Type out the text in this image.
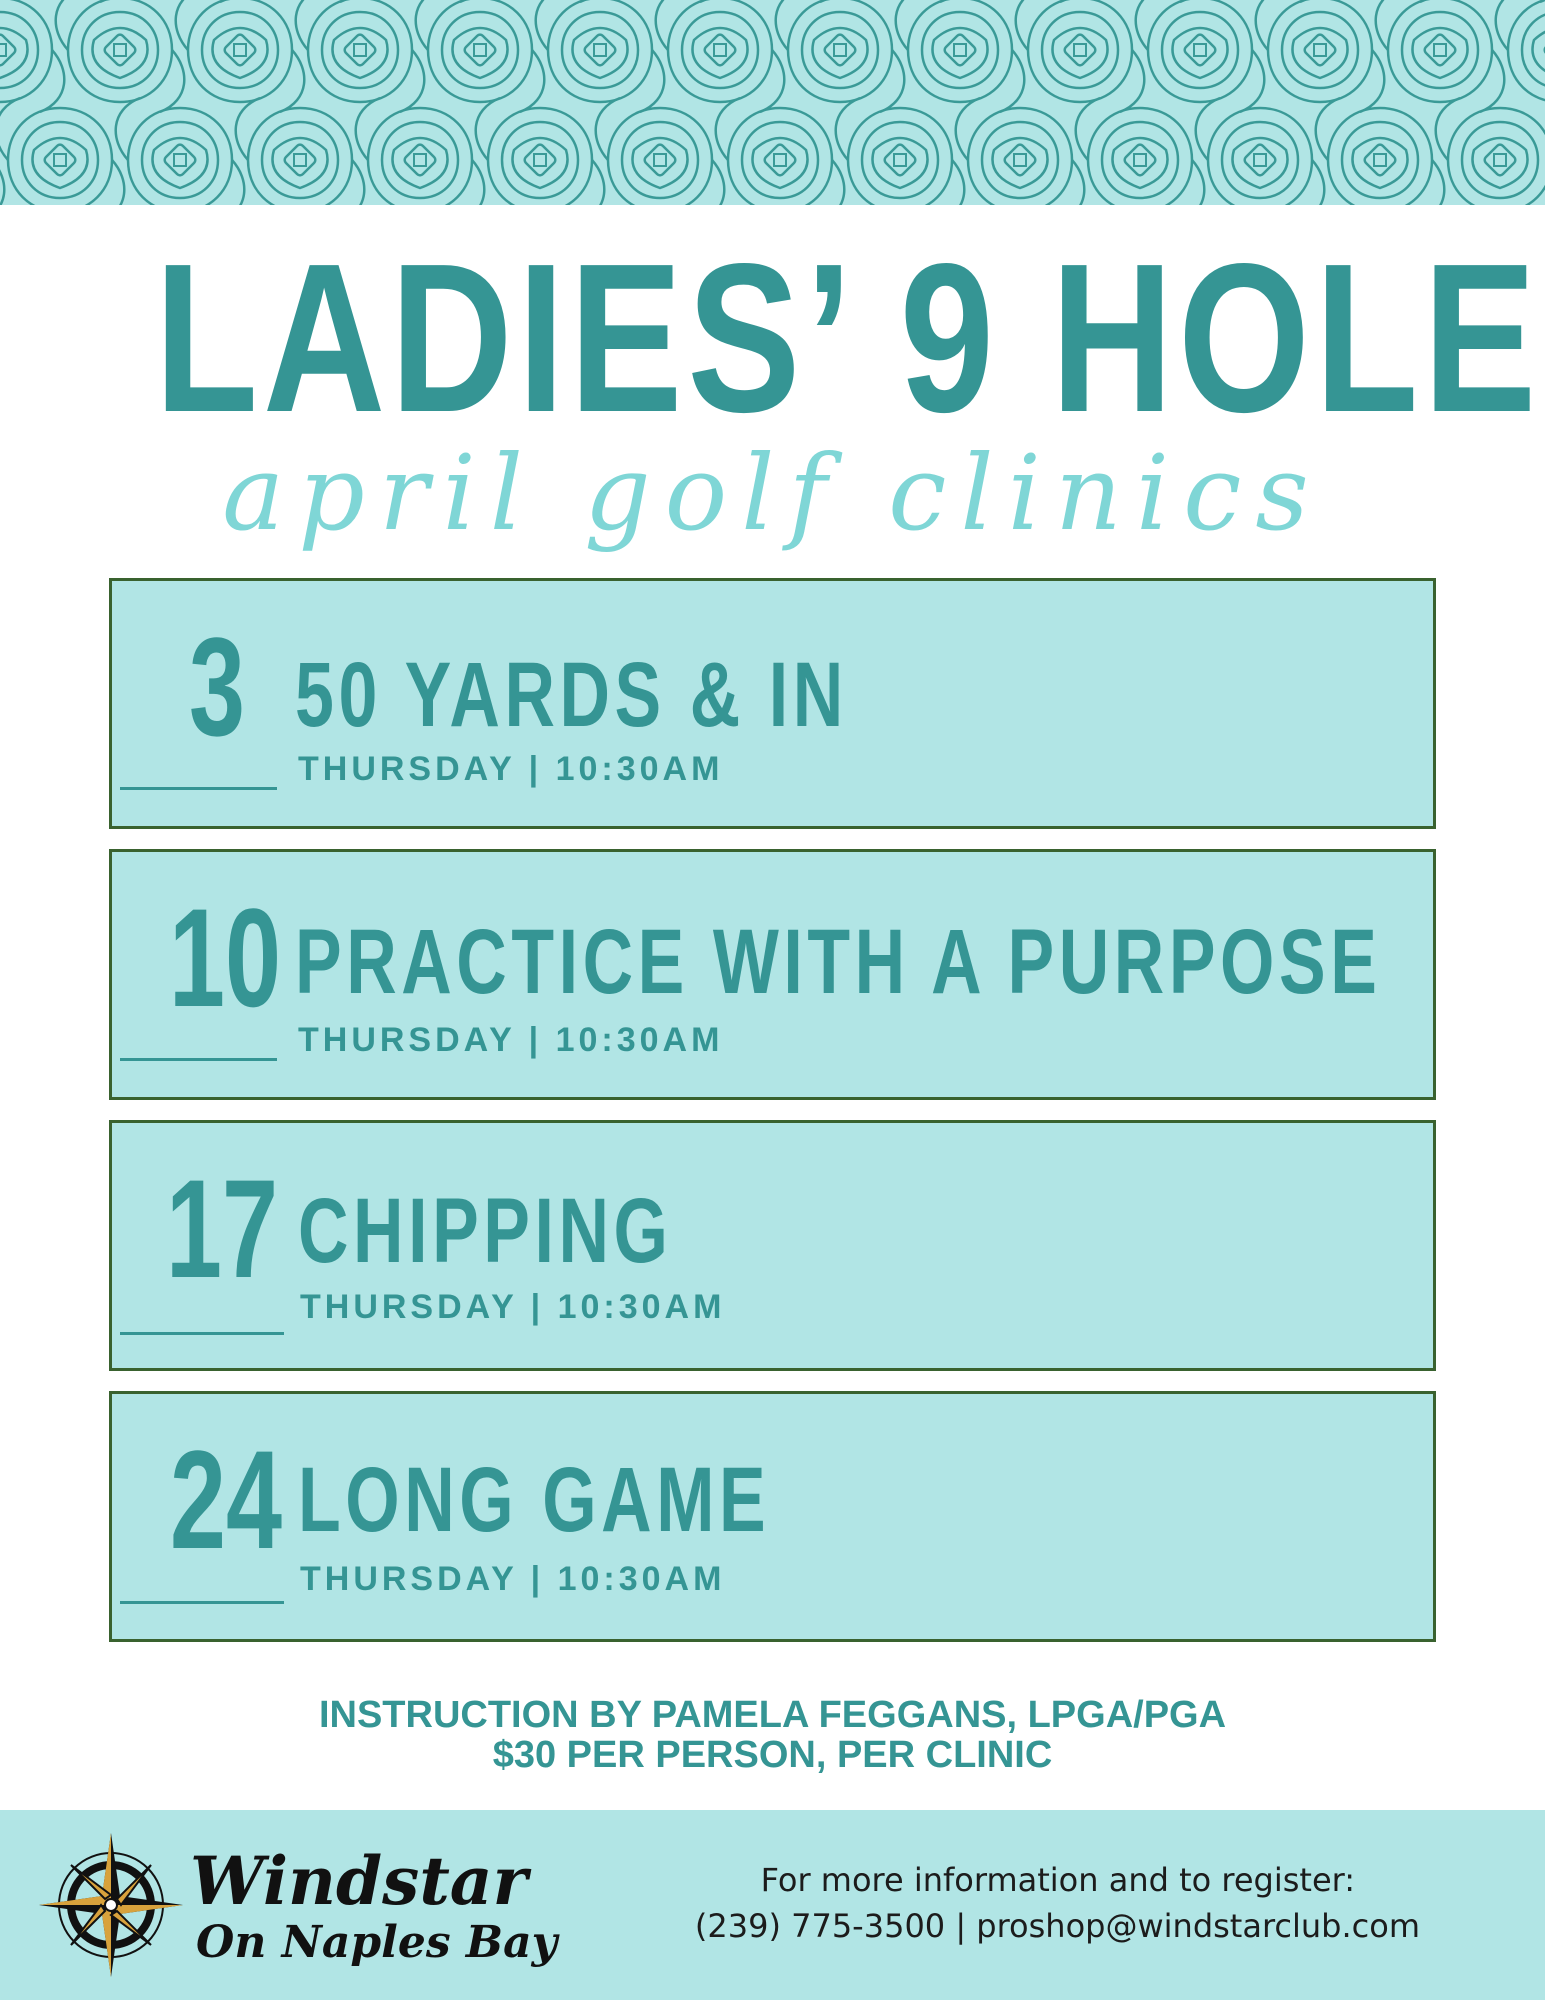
LADIES’ 9 HOLE
april golf clinics
3 50 YARDS & IN
THURSDAY | 10:30AM
10 PRACTICE WITH A PURPOSE
THURSDAY | 10:30AM
17 CHIPPING
THURSDAY | 10:30AM
24 LONG GAME
THURSDAY | 10:30AM
INSTRUCTION BY PAMELA FEGGANS, LPGA/PGA
$30 PER PERSON, PER CLINIC
Windstar
On Naples Bay
For more information and to register:
(239) 775-3500 | proshop@windstarclub.com
